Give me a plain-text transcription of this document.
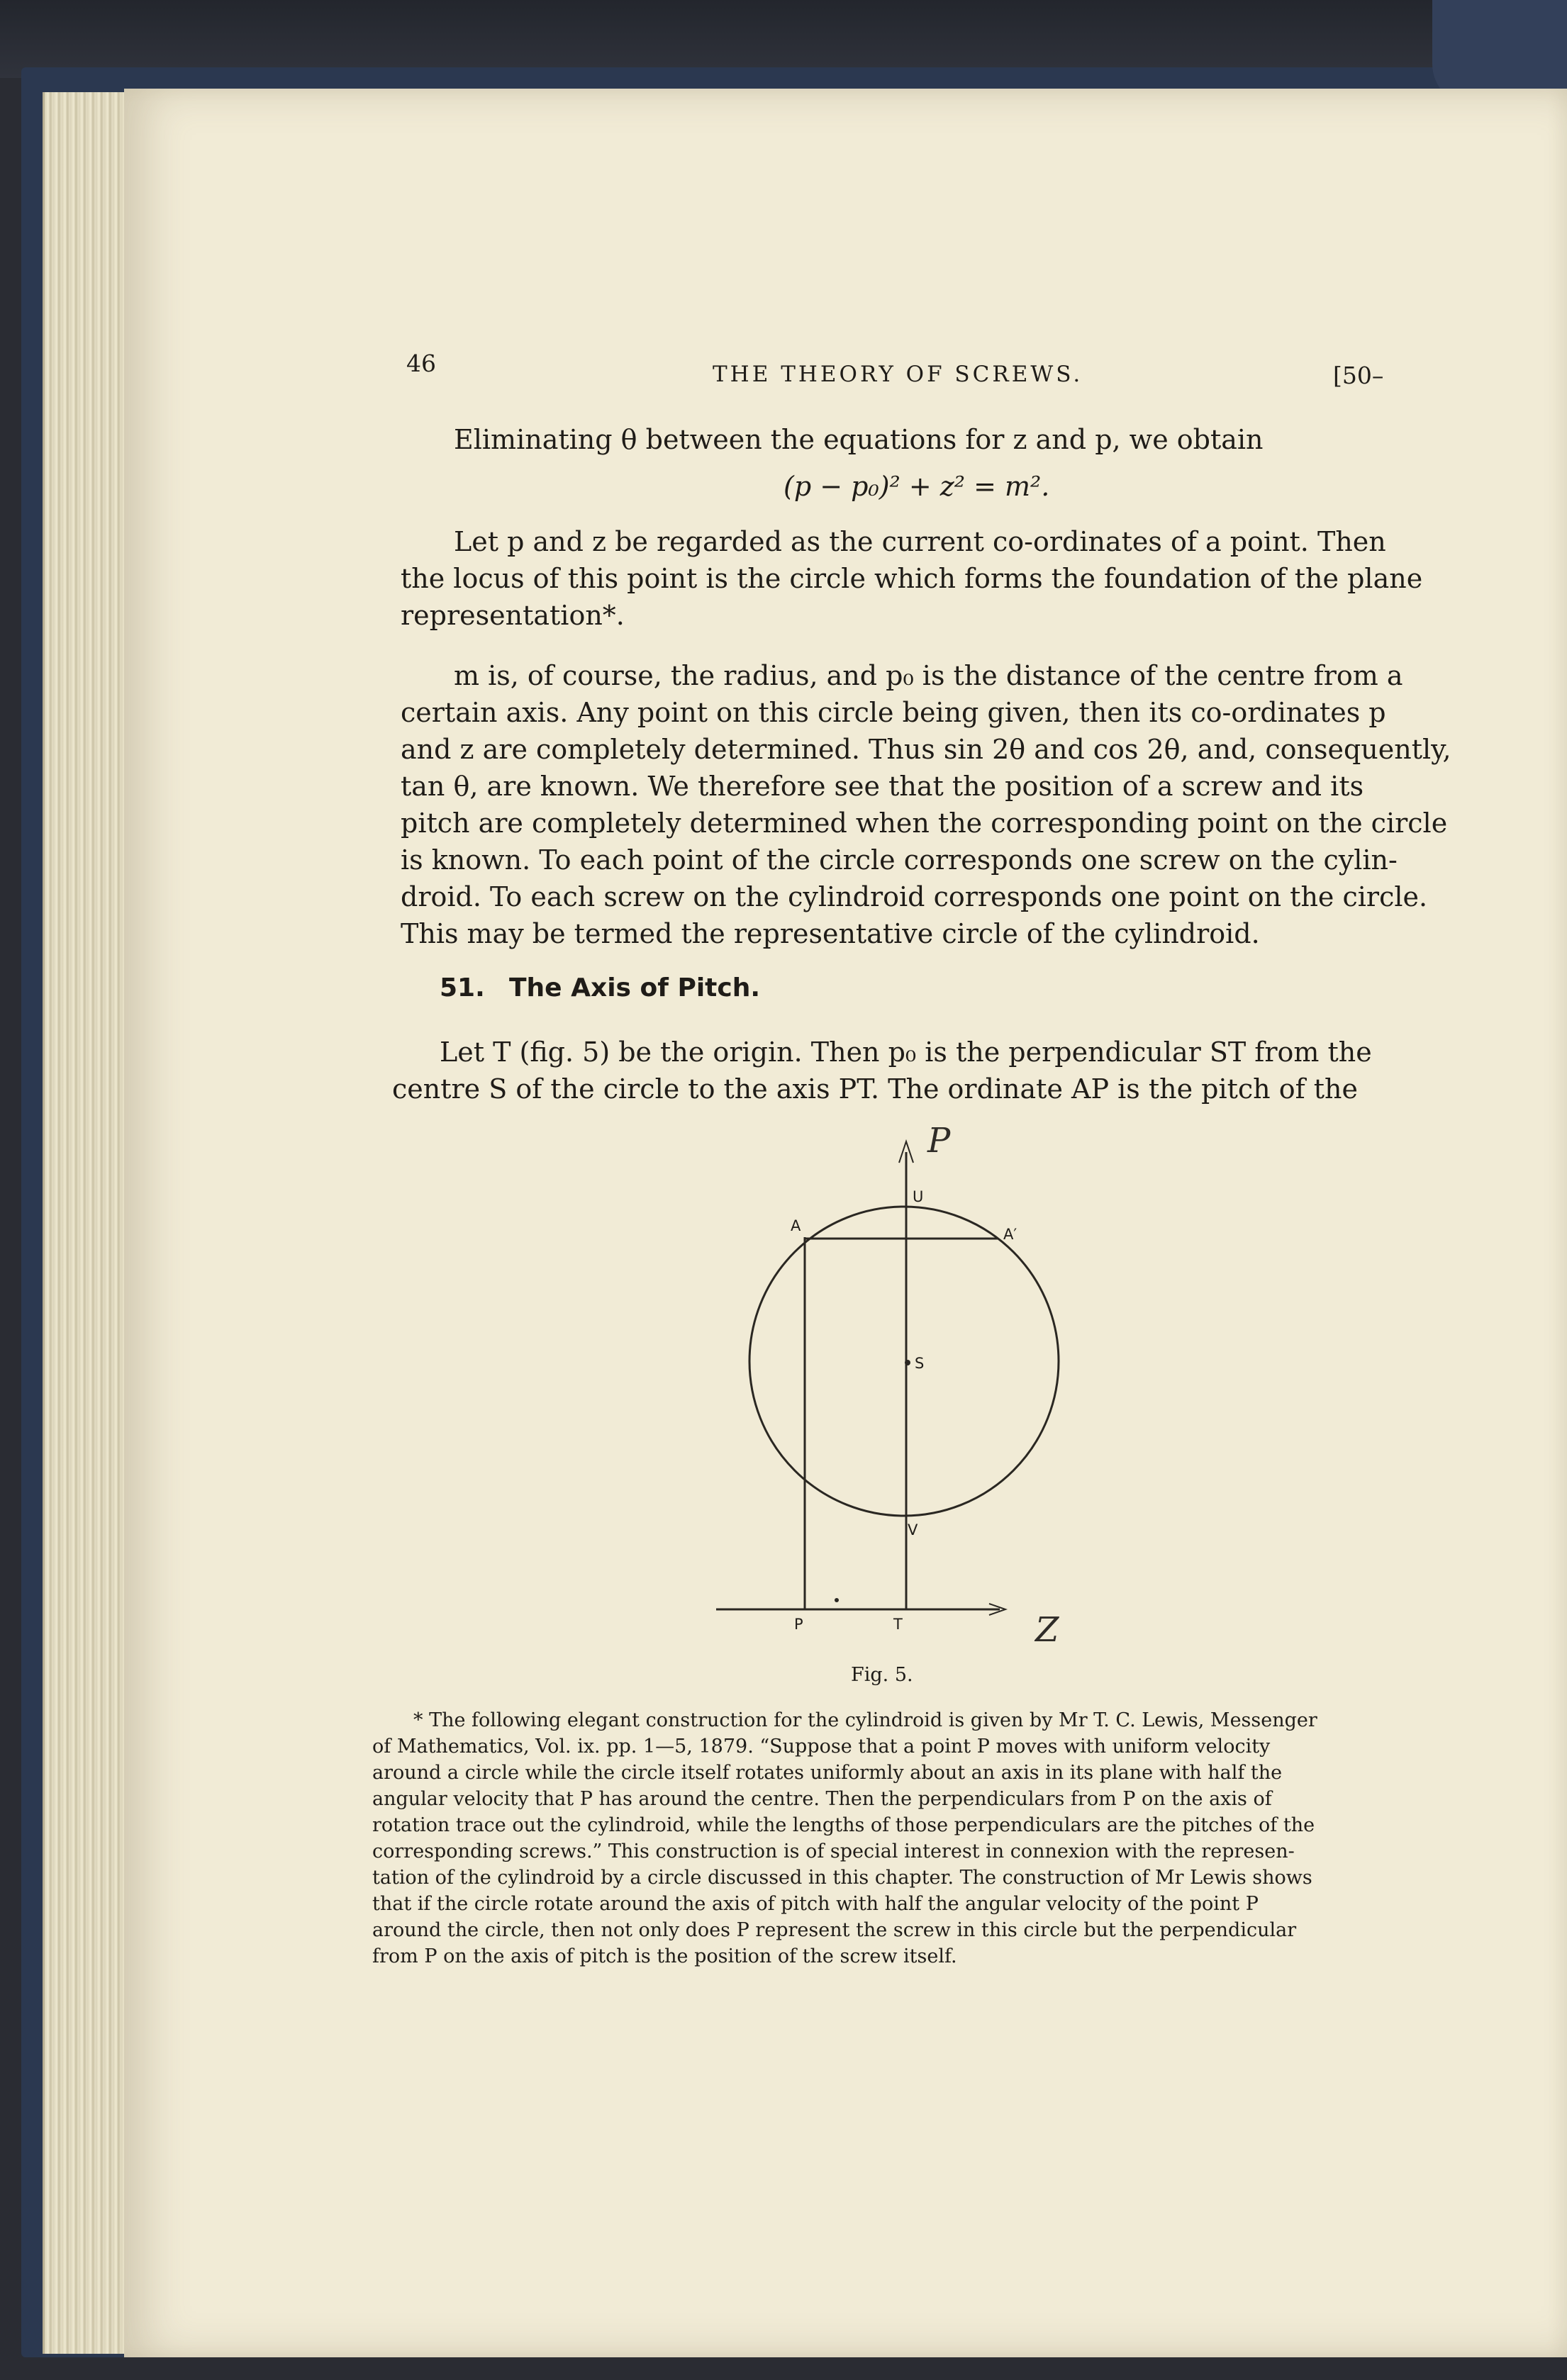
46	THE THEORY OF SCREWS.	[50–
Eliminating θ between the equations for z and p, we obtain
(p − p₀)² + z² = m².
Let p and z be regarded as the current co-ordinates of a point. Then
the locus of this point is the circle which forms the foundation of the plane
representation*.
m is, of course, the radius, and p₀ is the distance of the centre from a
certain axis. Any point on this circle being given, then its co-ordinates p
and z are completely determined. Thus sin 2θ and cos 2θ, and, consequently,
tan θ, are known. We therefore see that the position of a screw and its
pitch are completely determined when the corresponding point on the circle
is known. To each point of the circle corresponds one screw on the cylin-
droid. To each screw on the cylindroid corresponds one point on the circle.
This may be termed the representative circle of the cylindroid.
51. The Axis of Pitch.
Let T (fig. 5) be the origin. Then p₀ is the perpendicular ST from the
centre S of the circle to the axis PT. The ordinate AP is the pitch of the
U
A	A′
S
V
P	T
P
Z
Fig. 5.
* The following elegant construction for the cylindroid is given by Mr T. C. Lewis, Messenger
of Mathematics, Vol. ix. pp. 1—5, 1879. “Suppose that a point P moves with uniform velocity
around a circle while the circle itself rotates uniformly about an axis in its plane with half the
angular velocity that P has around the centre. Then the perpendiculars from P on the axis of
rotation trace out the cylindroid, while the lengths of those perpendiculars are the pitches of the
corresponding screws.” This construction is of special interest in connexion with the represen-
tation of the cylindroid by a circle discussed in this chapter. The construction of Mr Lewis shows
that if the circle rotate around the axis of pitch with half the angular velocity of the point P
around the circle, then not only does P represent the screw in this circle but the perpendicular
from P on the axis of pitch is the position of the screw itself.
